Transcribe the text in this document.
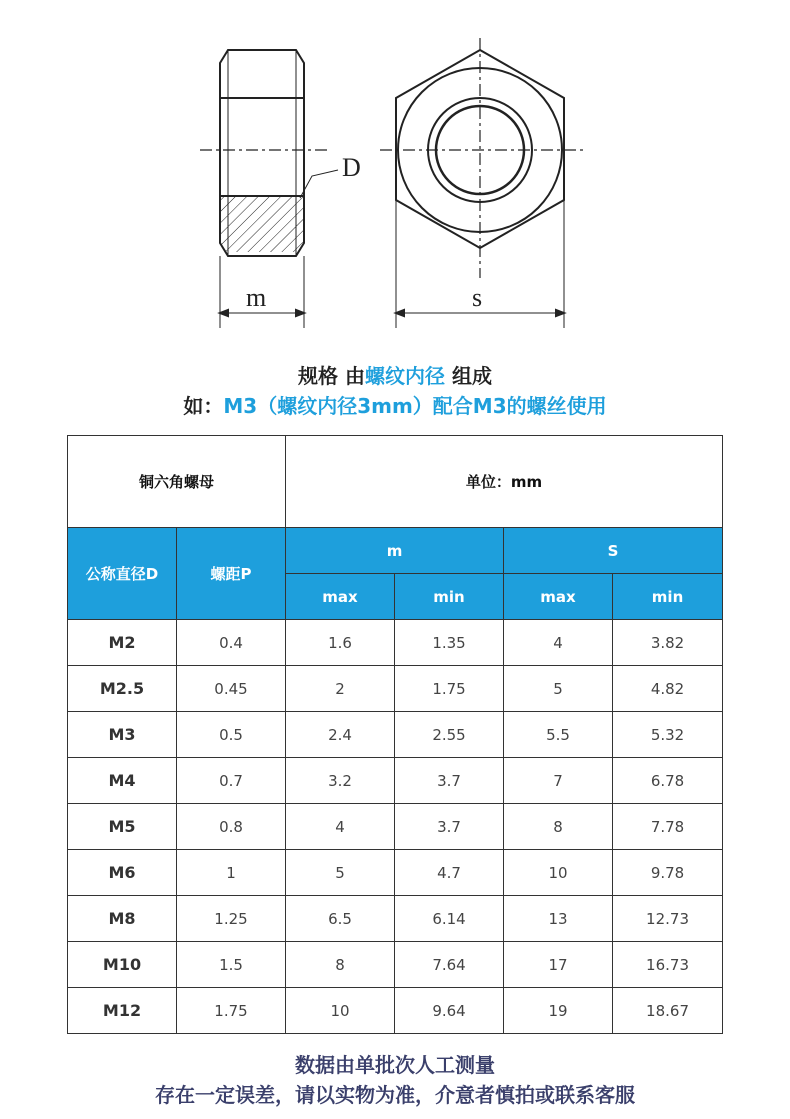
D
m	s
规格 由螺纹内径 组成
如：M3（螺纹内径3mm）配合M3的螺丝使用
铜六角螺母		单位：mm			
公称直径D	螺距P	m		S	
		max	min	max	min
M2	0.4	1.6	1.35	4	3.82
M2.5	0.45	2	1.75	5	4.82
M3	0.5	2.4	2.55	5.5	5.32
M4	0.7	3.2	3.7	7	6.78
M5	0.8	4	3.7	8	7.78
M6	1	5	4.7	10	9.78
M8	1.25	6.5	6.14	13	12.73
M10	1.5	8	7.64	17	16.73
M12	1.75	10	9.64	19	18.67
数据由单批次人工测量
存在一定误差，请以实物为准，介意者慎拍或联系客服
